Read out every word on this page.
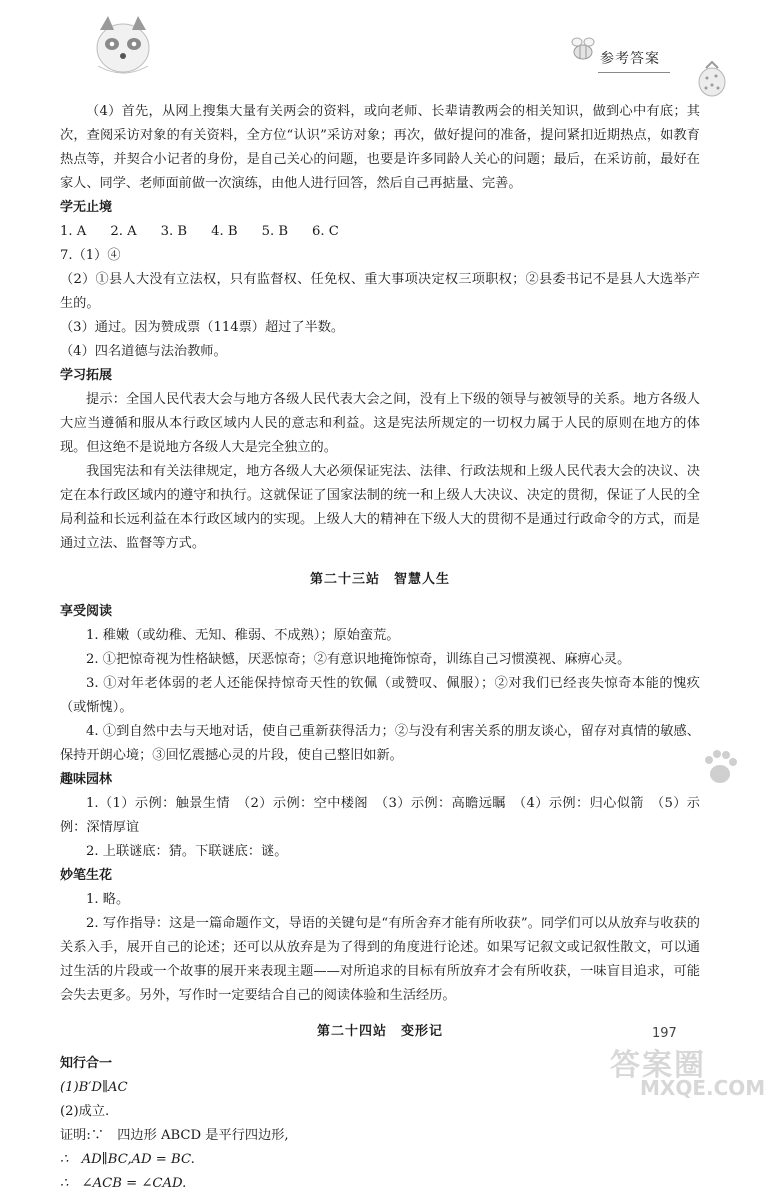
参考答案

（4）首先，从网上搜集大量有关两会的资料，或向老师、长辈请教两会的相关知识，做到心中有底；其次，查阅采访对象的有关资料，全方位“认识”采访对象；再次，做好提问的准备，提问紧扣近期热点，如教育热点等，并契合小记者的身份，是自己关心的问题，也要是许多同龄人关心的问题；最后，在采访前，最好在家人、同学、老师面前做一次演练，由他人进行回答，然后自己再掂量、完善。

学无止境

1. A 2. A 3. B 4. B 5. B 6. C

7.（1）④

（2）①县人大没有立法权，只有监督权、任免权、重大事项决定权三项职权；②县委书记不是县人大选举产生的。

（3）通过。因为赞成票（114票）超过了半数。

（4）四名道德与法治教师。

学习拓展

提示：全国人民代表大会与地方各级人民代表大会之间，没有上下级的领导与被领导的关系。地方各级人大应当遵循和服从本行政区域内人民的意志和利益。这是宪法所规定的一切权力属于人民的原则在地方的体现。但这绝不是说地方各级人大是完全独立的。

我国宪法和有关法律规定，地方各级人大必须保证宪法、法律、行政法规和上级人民代表大会的决议、决定在本行政区域内的遵守和执行。这就保证了国家法制的统一和上级人大决议、决定的贯彻，保证了人民的全局利益和长远利益在本行政区域内的实现。上级人大的精神在下级人大的贯彻不是通过行政命令的方式，而是通过立法、监督等方式。

第二十三站　智慧人生

享受阅读

1. 稚嫩（或幼稚、无知、稚弱、不成熟）；原始蛮荒。

2. ①把惊奇视为性格缺憾，厌恶惊奇；②有意识地掩饰惊奇，训练自己习惯漠视、麻痹心灵。

3. ①对年老体弱的老人还能保持惊奇天性的钦佩（或赞叹、佩服）；②对我们已经丧失惊奇本能的愧疚（或惭愧）。

4. ①到自然中去与天地对话，使自己重新获得活力；②与没有利害关系的朋友谈心，留存对真情的敏感、保持开朗心境；③回忆震撼心灵的片段，使自己整旧如新。

趣味园林

1.（1）示例：触景生情　（2）示例：空中楼阁　（3）示例：高瞻远瞩　（4）示例：归心似箭　（5）示例：深情厚谊

2. 上联谜底：猜。下联谜底：谜。

妙笔生花

1. 略。

2. 写作指导：这是一篇命题作文，导语的关键句是“有所舍弃才能有所收获”。同学们可以从放弃与收获的关系入手，展开自己的论述；还可以从放弃是为了得到的角度进行论述。如果写记叙文或记叙性散文，可以通过生活的片段或一个故事的展开来表现主题——对所追求的目标有所放弃才会有所收获，一味盲目追求，可能会失去更多。另外，写作时一定要结合自己的阅读体验和生活经历。

第二十四站　变形记

知行合一

(1)B′D∥AC

(2)成立.

证明:∵　四边形 ABCD 是平行四边形,

∴　AD∥BC,AD = BC.

∴　∠ACB = ∠CAD.

197
答案圈
MXQE.COM
